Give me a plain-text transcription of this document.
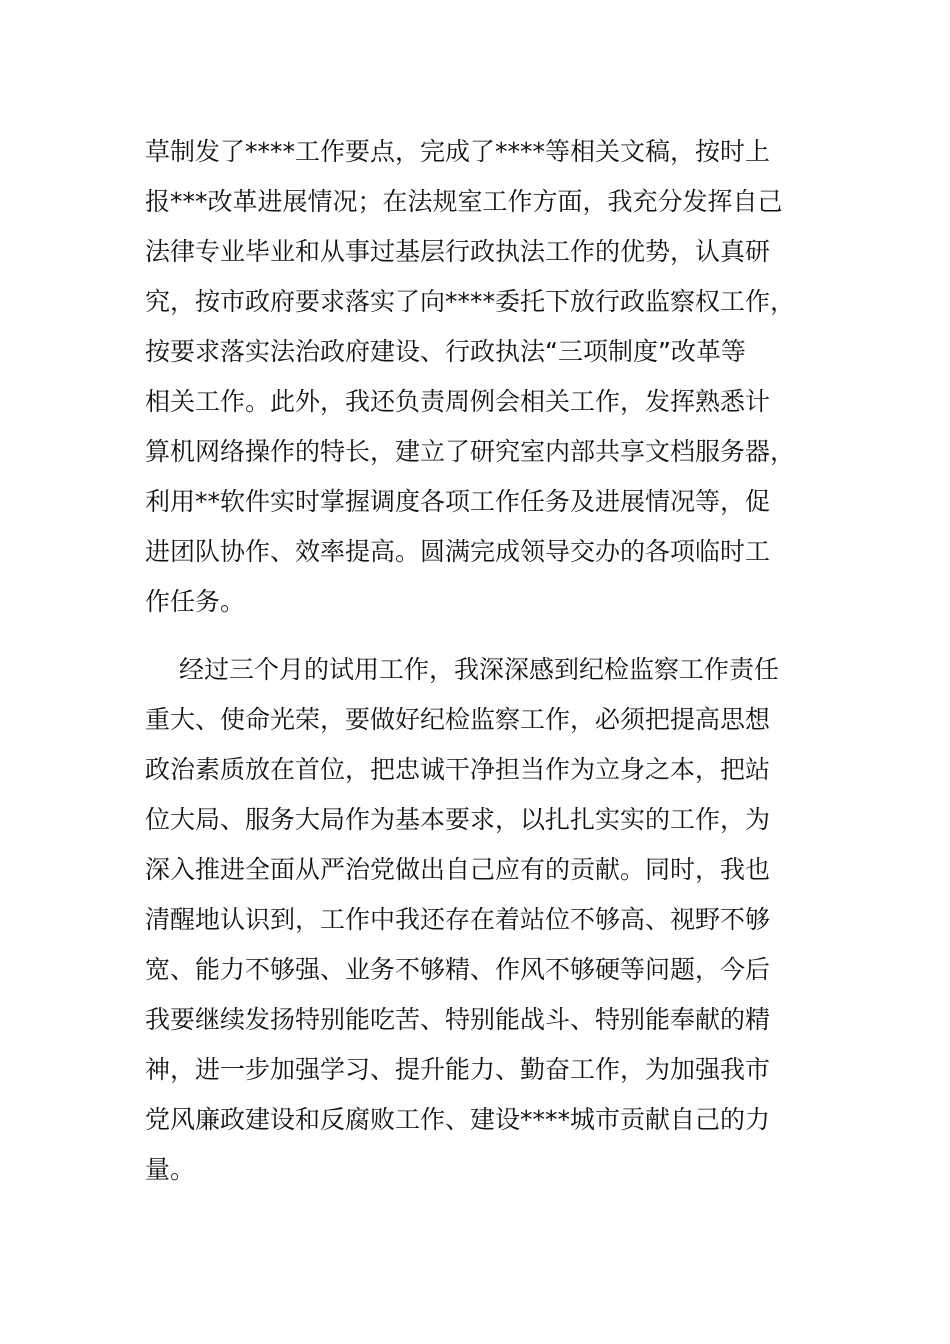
草制发了****工作要点，完成了****等相关文稿，按时上
报***改革进展情况；在法规室工作方面，我充分发挥自己
法律专业毕业和从事过基层行政执法工作的优势，认真研
究，按市政府要求落实了向****委托下放行政监察权工作，
按要求落实法治政府建设、行政执法“三项制度”改革等
相关工作。此外，我还负责周例会相关工作，发挥熟悉计
算机网络操作的特长，建立了研究室内部共享文档服务器，
利用**软件实时掌握调度各项工作任务及进展情况等，促
进团队协作、效率提高。圆满完成领导交办的各项临时工
作任务。
经过三个月的试用工作，我深深感到纪检监察工作责任
重大、使命光荣，要做好纪检监察工作，必须把提高思想
政治素质放在首位，把忠诚干净担当作为立身之本，把站
位大局、服务大局作为基本要求，以扎扎实实的工作，为
深入推进全面从严治党做出自己应有的贡献。同时，我也
清醒地认识到，工作中我还存在着站位不够高、视野不够
宽、能力不够强、业务不够精、作风不够硬等问题，今后
我要继续发扬特别能吃苦、特别能战斗、特别能奉献的精
神，进一步加强学习、提升能力、勤奋工作，为加强我市
党风廉政建设和反腐败工作、建设****城市贡献自己的力
量。
